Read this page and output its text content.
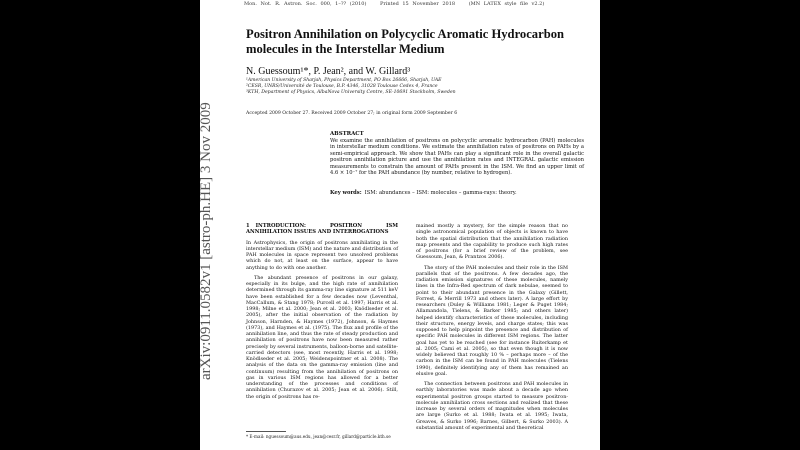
Mon. Not. R. Astron. Soc. 000, 1–?? (2010)	Printed 15 November 2018	(MN LATEX style file v2.2)
Positron Annihilation on Polycyclic Aromatic Hydrocarbon molecules in the Interstellar Medium
N. Guessoum¹*, P. Jean², and W. Gillard³
¹American University of Sharjah, Physics Department, PO Box 26666, Sharjah, UAE
²CESR, UNRS/Université de Toulouse, B.P. 4346, 31028 Toulouse Cedex 4, France
³KTH, Department of Physics, AlbaNova University Centre, SE-10691 Stockholm, Sweden
Accepted 2009 October 27. Received 2009 October 27; in original form 2009 September 6
arXiv:0911.0582v1 [astro-ph.HE] 3 Nov 2009	ABSTRACT
We examine the annihilation of positrons on polycyclic aromatic hydrocarbon (PAH) molecules in interstellar medium conditions. We estimate the annihilation rates of positrons on PAHs by a semi-empirical approach. We show that PAHs can play a significant role in the overall galactic positron annihilation picture and use the annihilation rates and INTEGRAL galactic emission measurements to constrain the amount of PAHs present in the ISM. We find an upper limit of 4.6 × 10⁻⁷ for the PAH abundance (by number, relative to hydrogen).
Key words: ISM: abundances – ISM: molecules – gamma-rays: theory.
1 INTRODUCTION: POSITRON ISM ANNIHILATION ISSUES AND INTERROGATIONS

In Astrophysics, the origin of positrons annihilating in the interstellar medium (ISM) and the nature and distribution of PAH molecules in space represent two unsolved problems which do not, at least on the surface, appear to have anything to do with one another.

The abundant presence of positrons in our galaxy, especially in its bulge, and the high rate of annihilation determined through its gamma-ray line signature at 511 keV have been established for a few decades now (Leventhal, MacCallum, & Stang 1978; Purcell et al. 1997; Harris et al. 1998; Milne et al. 2000; Jean et al. 2003; Knödlseder et al. 2005), after the initial observation of the radiation by Johnson, Harnden, & Haymes (1972), Johnson, & Haymes (1973), and Haymes et al. (1975). The flux and profile of the annihilation line, and thus the rate of steady production and annihilation of positrons have now been measured rather precisely by several instruments, balloon-borne and satellite-carried detectors (see, most recently, Harris et al. 1998; Knödlseder et al. 2005; Weidenspointner et al. 2008). The analysis of the data on the gamma-ray emission (line and continuum) resulting from the annihilation of positrons on gas in various ISM regions has allowed for a better understanding of the processes and conditions of annihilation (Churazov et al. 2005; Jean et al. 2006). Still, the origin of positrons has re-

mained mostly a mystery, for the simple reason that no single astronomical population of objects is known to have both the spatial distribution that the annihilation radiation map presents and the capability to produce such high rates of positrons (for a brief review of the problem, see Guessoum, Jean, & Prantzos 2006).

The story of the PAH molecules and their role in the ISM parallels that of the positrons. A few decades ago, the radiation emission signatures of these molecules, namely lines in the Infra-Red spectrum of dark nebulae, seemed to point to their abundant presence in the Galaxy (Gillett, Forrest, & Merrill 1973 and others later). A large effort by researchers (Duley & Williams 1981; Leger & Puget 1984; Allamandola, Tielens, & Barker 1985; and others later) helped identify characteristics of these molecules, including their structure, energy levels, and charge states; this was supposed to help pinpoint the presence and distribution of specific PAH molecules in different ISM regions. The latter goal has yet to be reached (see for instance Ruiterkamp et al. 2005; Cami et al. 2005), so that even though it is now widely believed that roughly 10 % – perhaps more – of the carbon in the ISM can be found in PAH molecules (Tielens 1990), definitely identifying any of them has remained an elusive goal.

The connection between positrons and PAH molecules in earthly laboratories was made about a decade ago when experimental positron groups started to measure positron-molecule annihilation cross sections and realized that these increase by several orders of magnitudes when molecules are large (Surko et al. 1988; Iwata et al. 1995; Iwata, Greaves, & Surko 1996; Barnes, Gilbert, & Surko 2003). A substantial amount of experimental and theoretical

* E-mail: nguessoum@aus.edu, jean@cesr.fr, gillard@particle.kth.se
